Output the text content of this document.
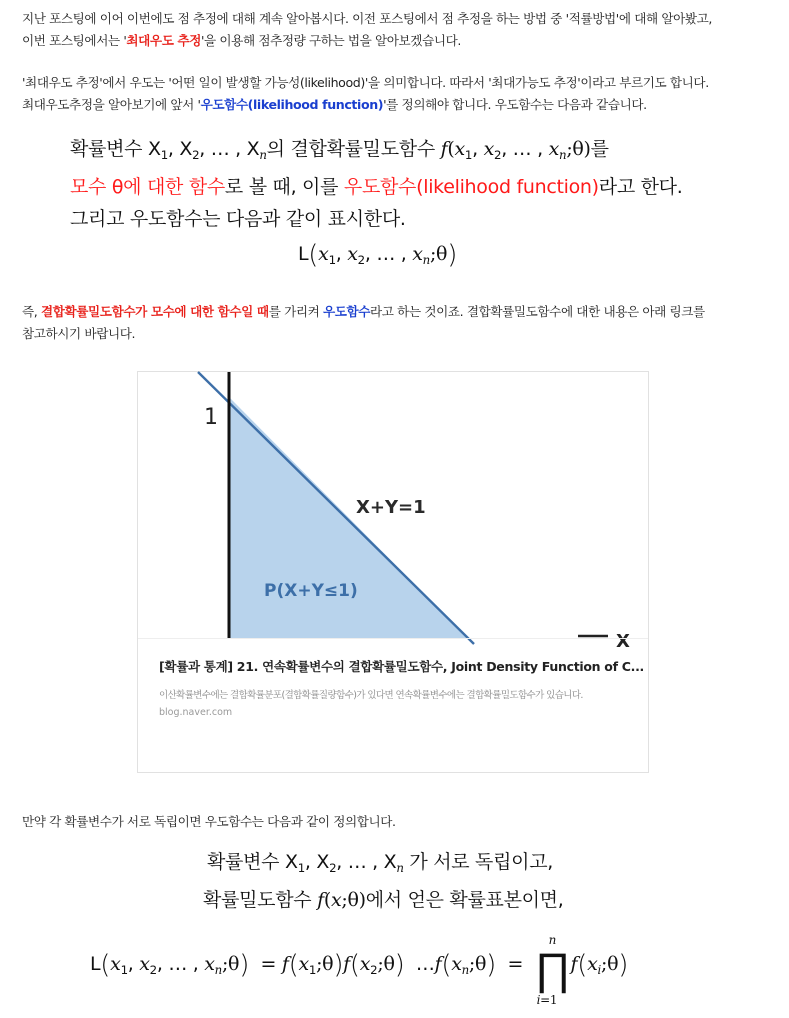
지난 포스팅에 이어 이번에도 점 추정에 대해 계속 알아봅시다. 이전 포스팅에서 점 추정을 하는 방법 중 '적률방법'에 대해 알아봤고,
이번 포스팅에서는 '최대우도 추정'을 이용해 점추정량 구하는 법을 알아보겠습니다.
'최대우도 추정'에서 우도는 '어떤 일이 발생할 가능성(likelihood)'을 의미합니다. 따라서 '최대가능도 추정'이라고 부르기도 합니다.
최대우도추정을 알아보기에 앞서 '우도함수(likelihood function)'를 정의해야 합니다. 우도함수는 다음과 같습니다.
확률변수 $X_1$, $X_2$, … , $X_n$의 결합확률밀도함수 $f(x_1$, $x_2$, … , $x_n;\theta$)를
모수 θ에 대한 함수로 볼 때, 이를 우도함수(likelihood function)라고 한다.
그리고 우도함수는 다음과 같이 표시한다.
$L(x_1$, $x_2$, … , $x_n;\theta$)
즉, 결합확률밀도함수가 모수에 대한 함수일 때를 가리켜 우도함수라고 하는 것이죠. 결합확률밀도함수에 대한 내용은 아래 링크를
참고하시기 바랍니다.
1
X+Y=1
P(X+Y≤1)
X
[확률과 통계] 21. 연속확률변수의 결합확률밀도함수, Joint Density Function of C...
이산확률변수에는 결합확률분포(결합확률질량함수)가 있다면 연속확률변수에는 결합확률밀도함수가 있습니다.
blog.naver.com
만약 각 확률변수가 서로 독립이면 우도함수는 다음과 같이 정의합니다.
확률변수 $X_1$, $X_2$, … , $X_n$ 가 서로 독립이고,
확률밀도함수 f(x;θ)에서 얻은 확률표본이면,
$L(x_1$, $x_2$, … , $x_n;\theta$)  = $f(x_1;\theta)f(x_2;\theta)$  $\dots f(x_n;\theta)$  =  ∏
n
i=1
$f(x_i;\theta)$
